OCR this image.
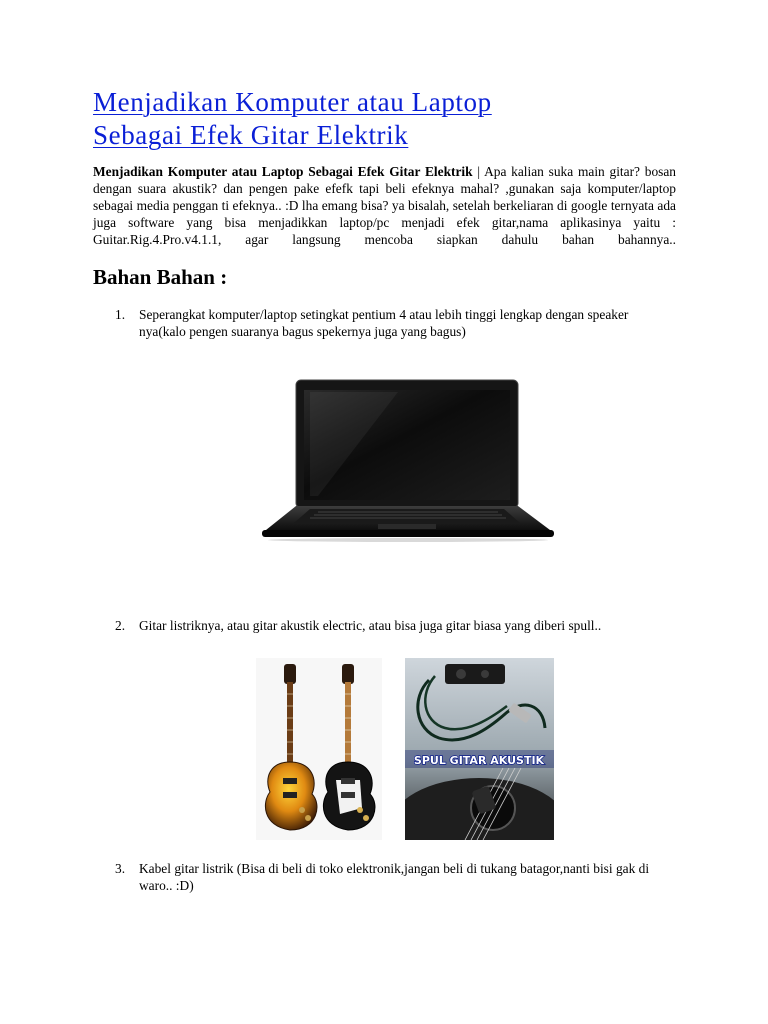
Menjadikan Komputer atau Laptop
Sebagai Efek Gitar Elektrik

Menjadikan Komputer atau Laptop Sebagai Efek Gitar Elektrik | Apa kalian suka main gitar? bosan dengan suara akustik? dan pengen pake efefk tapi beli efeknya mahal? ,gunakan saja komputer/laptop sebagai media penggan ti efeknya.. :D lha emang bisa? ya bisalah, setelah berkeliaran di google ternyata ada juga software yang bisa menjadikkan laptop/pc menjadi efek gitar,nama aplikasinya yaitu : Guitar.Rig.4.Pro.v4.1.1, agar langsung mencoba siapkan dahulu bahan bahannya..

Bahan Bahan :
1. Seperangkat komputer/laptop setingkat pentium 4 atau lebih tinggi lengkap dengan speaker nya(kalo pengen suaranya bagus spekernya juga yang bagus)
2. Gitar listriknya, atau gitar akustik electric, atau bisa juga gitar biasa yang diberi spull..
SPUL GITAR AKUSTIK
3. Kabel gitar listrik (Bisa di beli di toko elektronik,jangan beli di tukang batagor,nanti bisi gak di waro.. :D)
